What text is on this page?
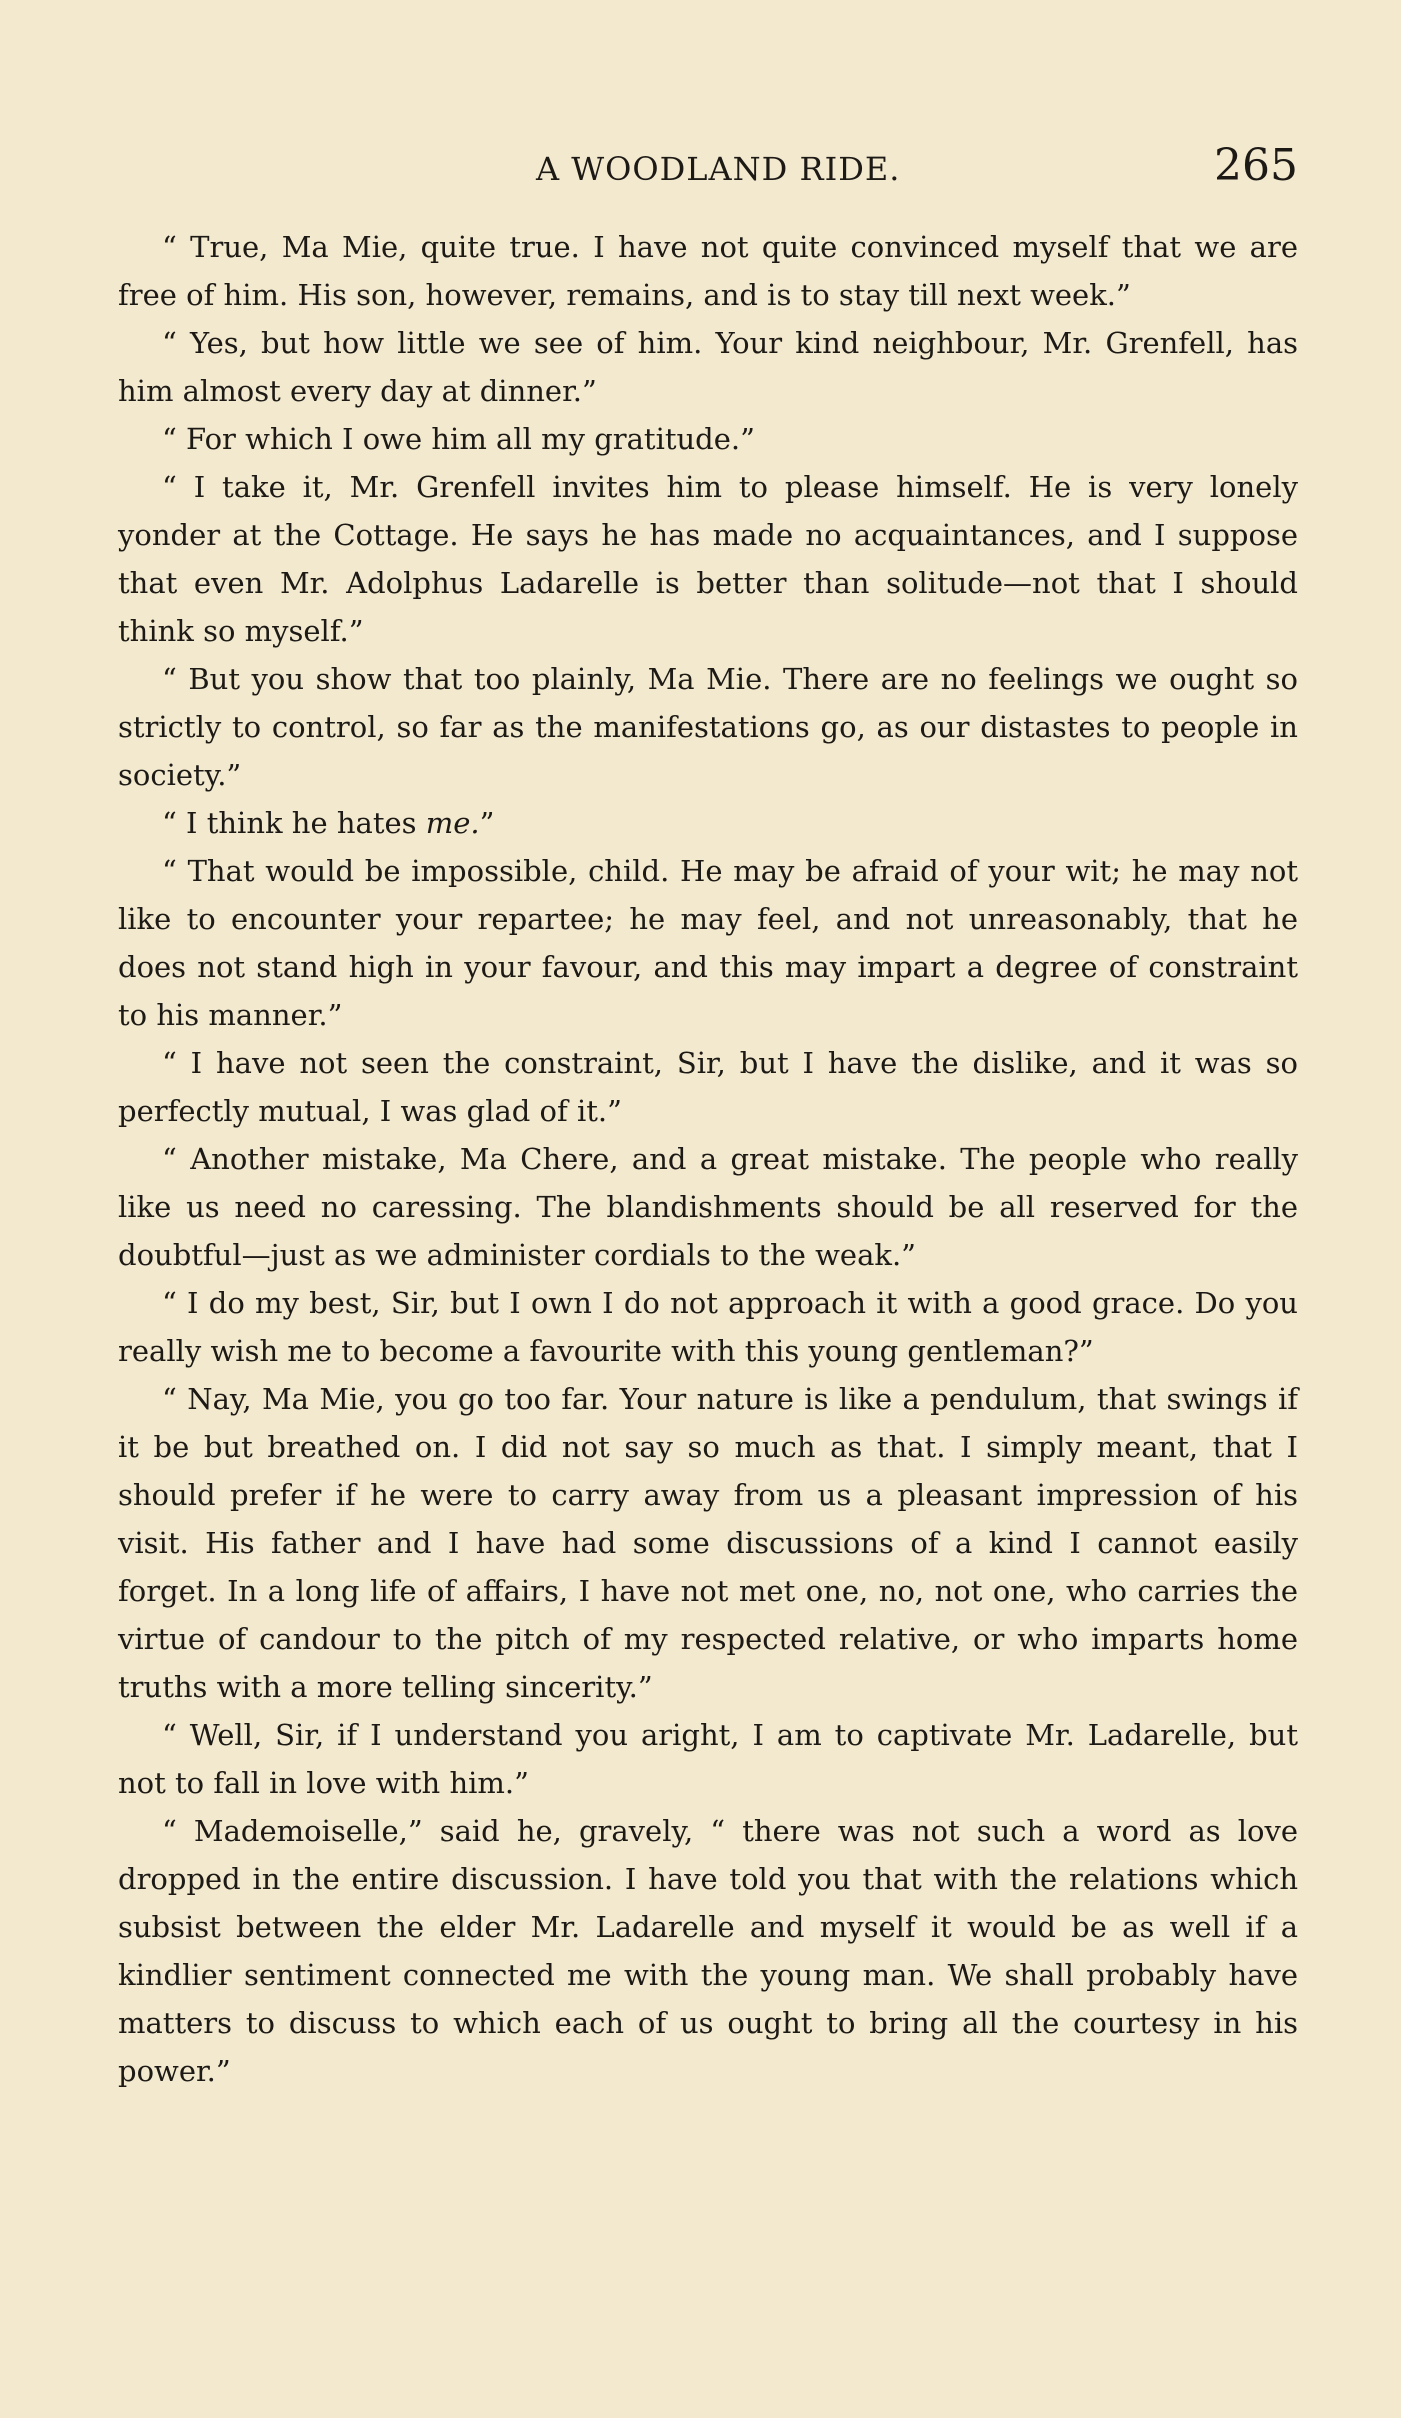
A WOODLAND RIDE.	265

“ True, Ma Mie, quite true. I have not quite convinced myself that we are free of him. His son, however, remains, and is to stay till next week.”

“ Yes, but how little we see of him. Your kind neighbour, Mr. Grenfell, has him almost every day at dinner.”

“ For which I owe him all my gratitude.”

“ I take it, Mr. Grenfell invites him to please himself. He is very lonely yonder at the Cottage. He says he has made no acquaintances, and I suppose that even Mr. Adolphus Ladarelle is better than solitude—not that I should think so myself.”

“ But you show that too plainly, Ma Mie. There are no feelings we ought so strictly to control, so far as the manifestations go, as our distastes to people in society.”

“ I think he hates me.”

“ That would be impossible, child. He may be afraid of your wit; he may not like to encounter your repartee; he may feel, and not unreasonably, that he does not stand high in your favour, and this may impart a degree of constraint to his manner.”

“ I have not seen the constraint, Sir, but I have the dislike, and it was so perfectly mutual, I was glad of it.”

“ Another mistake, Ma Chere, and a great mistake. The people who really like us need no caressing. The blandishments should be all reserved for the doubtful—just as we administer cordials to the weak.”

“ I do my best, Sir, but I own I do not approach it with a good grace. Do you really wish me to become a favourite with this young gentleman?”

“ Nay, Ma Mie, you go too far. Your nature is like a pendulum, that swings if it be but breathed on. I did not say so much as that. I simply meant, that I should prefer if he were to carry away from us a pleasant impression of his visit. His father and I have had some discussions of a kind I cannot easily forget. In a long life of affairs, I have not met one, no, not one, who carries the virtue of candour to the pitch of my respected relative, or who imparts home truths with a more telling sincerity.”

“ Well, Sir, if I understand you aright, I am to captivate Mr. Ladarelle, but not to fall in love with him.”

“ Mademoiselle,” said he, gravely, “ there was not such a word as love dropped in the entire discussion. I have told you that with the relations which subsist between the elder Mr. Ladarelle and myself it would be as well if a kindlier sentiment connected me with the young man. We shall probably have matters to discuss to which each of us ought to bring all the courtesy in his power.”
